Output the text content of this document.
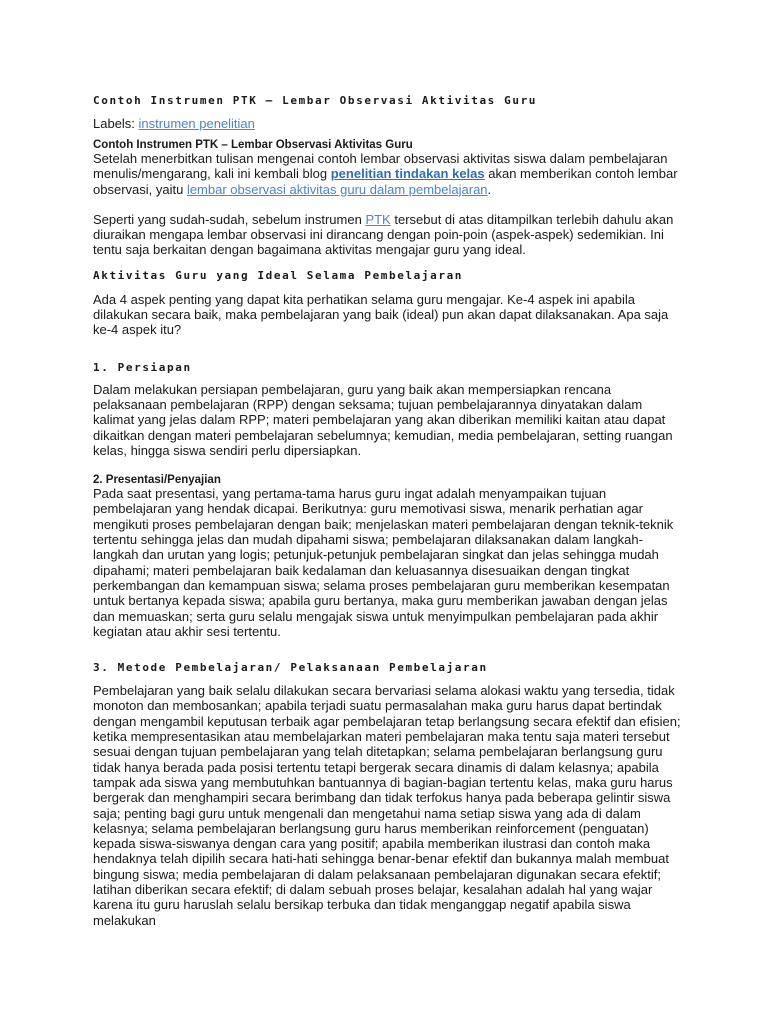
Contoh Instrumen PTK – Lembar Observasi Aktivitas Guru

Labels: instrumen penelitian

Contoh Instrumen PTK – Lembar Observasi Aktivitas Guru

Setelah menerbitkan tulisan mengenai contoh lembar observasi aktivitas siswa dalam pembelajaran menulis/mengarang, kali ini kembali blog penelitian tindakan kelas akan memberikan contoh lembar observasi, yaitu lembar observasi aktivitas guru dalam pembelajaran.

Seperti yang sudah-sudah, sebelum instrumen PTK tersebut di atas ditampilkan terlebih dahulu akan diuraikan mengapa lembar observasi ini dirancang dengan poin-poin (aspek-aspek) sedemikian. Ini tentu saja berkaitan dengan bagaimana aktivitas mengajar guru yang ideal.

Aktivitas Guru yang Ideal Selama Pembelajaran

Ada 4 aspek penting yang dapat kita perhatikan selama guru mengajar. Ke-4 aspek ini apabila dilakukan secara baik, maka pembelajaran yang baik (ideal) pun akan dapat dilaksanakan. Apa saja ke-4 aspek itu?

1. Persiapan

Dalam melakukan persiapan pembelajaran, guru yang baik akan mempersiapkan rencana pelaksanaan pembelajaran (RPP) dengan seksama; tujuan pembelajarannya dinyatakan dalam kalimat yang jelas dalam RPP; materi pembelajaran yang akan diberikan memiliki kaitan atau dapat dikaitkan dengan materi pembelajaran sebelumnya; kemudian, media pembelajaran, setting ruangan kelas, hingga siswa sendiri perlu dipersiapkan.

2. Presentasi/Penyajian

Pada saat presentasi, yang pertama-tama harus guru ingat adalah menyampaikan tujuan pembelajaran yang hendak dicapai. Berikutnya: guru memotivasi siswa, menarik perhatian agar mengikuti proses pembelajaran dengan baik; menjelaskan materi pembelajaran dengan teknik-teknik tertentu sehingga jelas dan mudah dipahami siswa; pembelajaran dilaksanakan dalam langkah-langkah dan urutan yang logis; petunjuk-petunjuk pembelajaran singkat dan jelas sehingga mudah dipahami; materi pembelajaran baik kedalaman dan keluasannya disesuaikan dengan tingkat perkembangan dan kemampuan siswa; selama proses pembelajaran guru memberikan kesempatan untuk bertanya kepada siswa; apabila guru bertanya, maka guru memberikan jawaban dengan jelas dan memuaskan; serta guru selalu mengajak siswa untuk menyimpulkan pembelajaran pada akhir kegiatan atau akhir sesi tertentu.

3. Metode Pembelajaran/ Pelaksanaan Pembelajaran

Pembelajaran yang baik selalu dilakukan secara bervariasi selama alokasi waktu yang tersedia, tidak monoton dan membosankan; apabila terjadi suatu permasalahan maka guru harus dapat bertindak dengan mengambil keputusan terbaik agar pembelajaran tetap berlangsung secara efektif dan efisien; ketika mempresentasikan atau membelajarkan materi pembelajaran maka tentu saja materi tersebut sesuai dengan tujuan pembelajaran yang telah ditetapkan; selama pembelajaran berlangsung guru tidak hanya berada pada posisi tertentu tetapi bergerak secara dinamis di dalam kelasnya; apabila tampak ada siswa yang membutuhkan bantuannya di bagian-bagian tertentu kelas, maka guru harus bergerak dan menghampiri secara berimbang dan tidak terfokus hanya pada beberapa gelintir siswa saja; penting bagi guru untuk mengenali dan mengetahui nama setiap siswa yang ada di dalam kelasnya; selama pembelajaran berlangsung guru harus memberikan reinforcement (penguatan) kepada siswa-siswanya dengan cara yang positif; apabila memberikan ilustrasi dan contoh maka hendaknya telah dipilih secara hati-hati sehingga benar-benar efektif dan bukannya malah membuat bingung siswa; media pembelajaran di dalam pelaksanaan pembelajaran digunakan secara efektif; latihan diberikan secara efektif; di dalam sebuah proses belajar, kesalahan adalah hal yang wajar karena itu guru haruslah selalu bersikap terbuka dan tidak menganggap negatif apabila siswa melakukan
